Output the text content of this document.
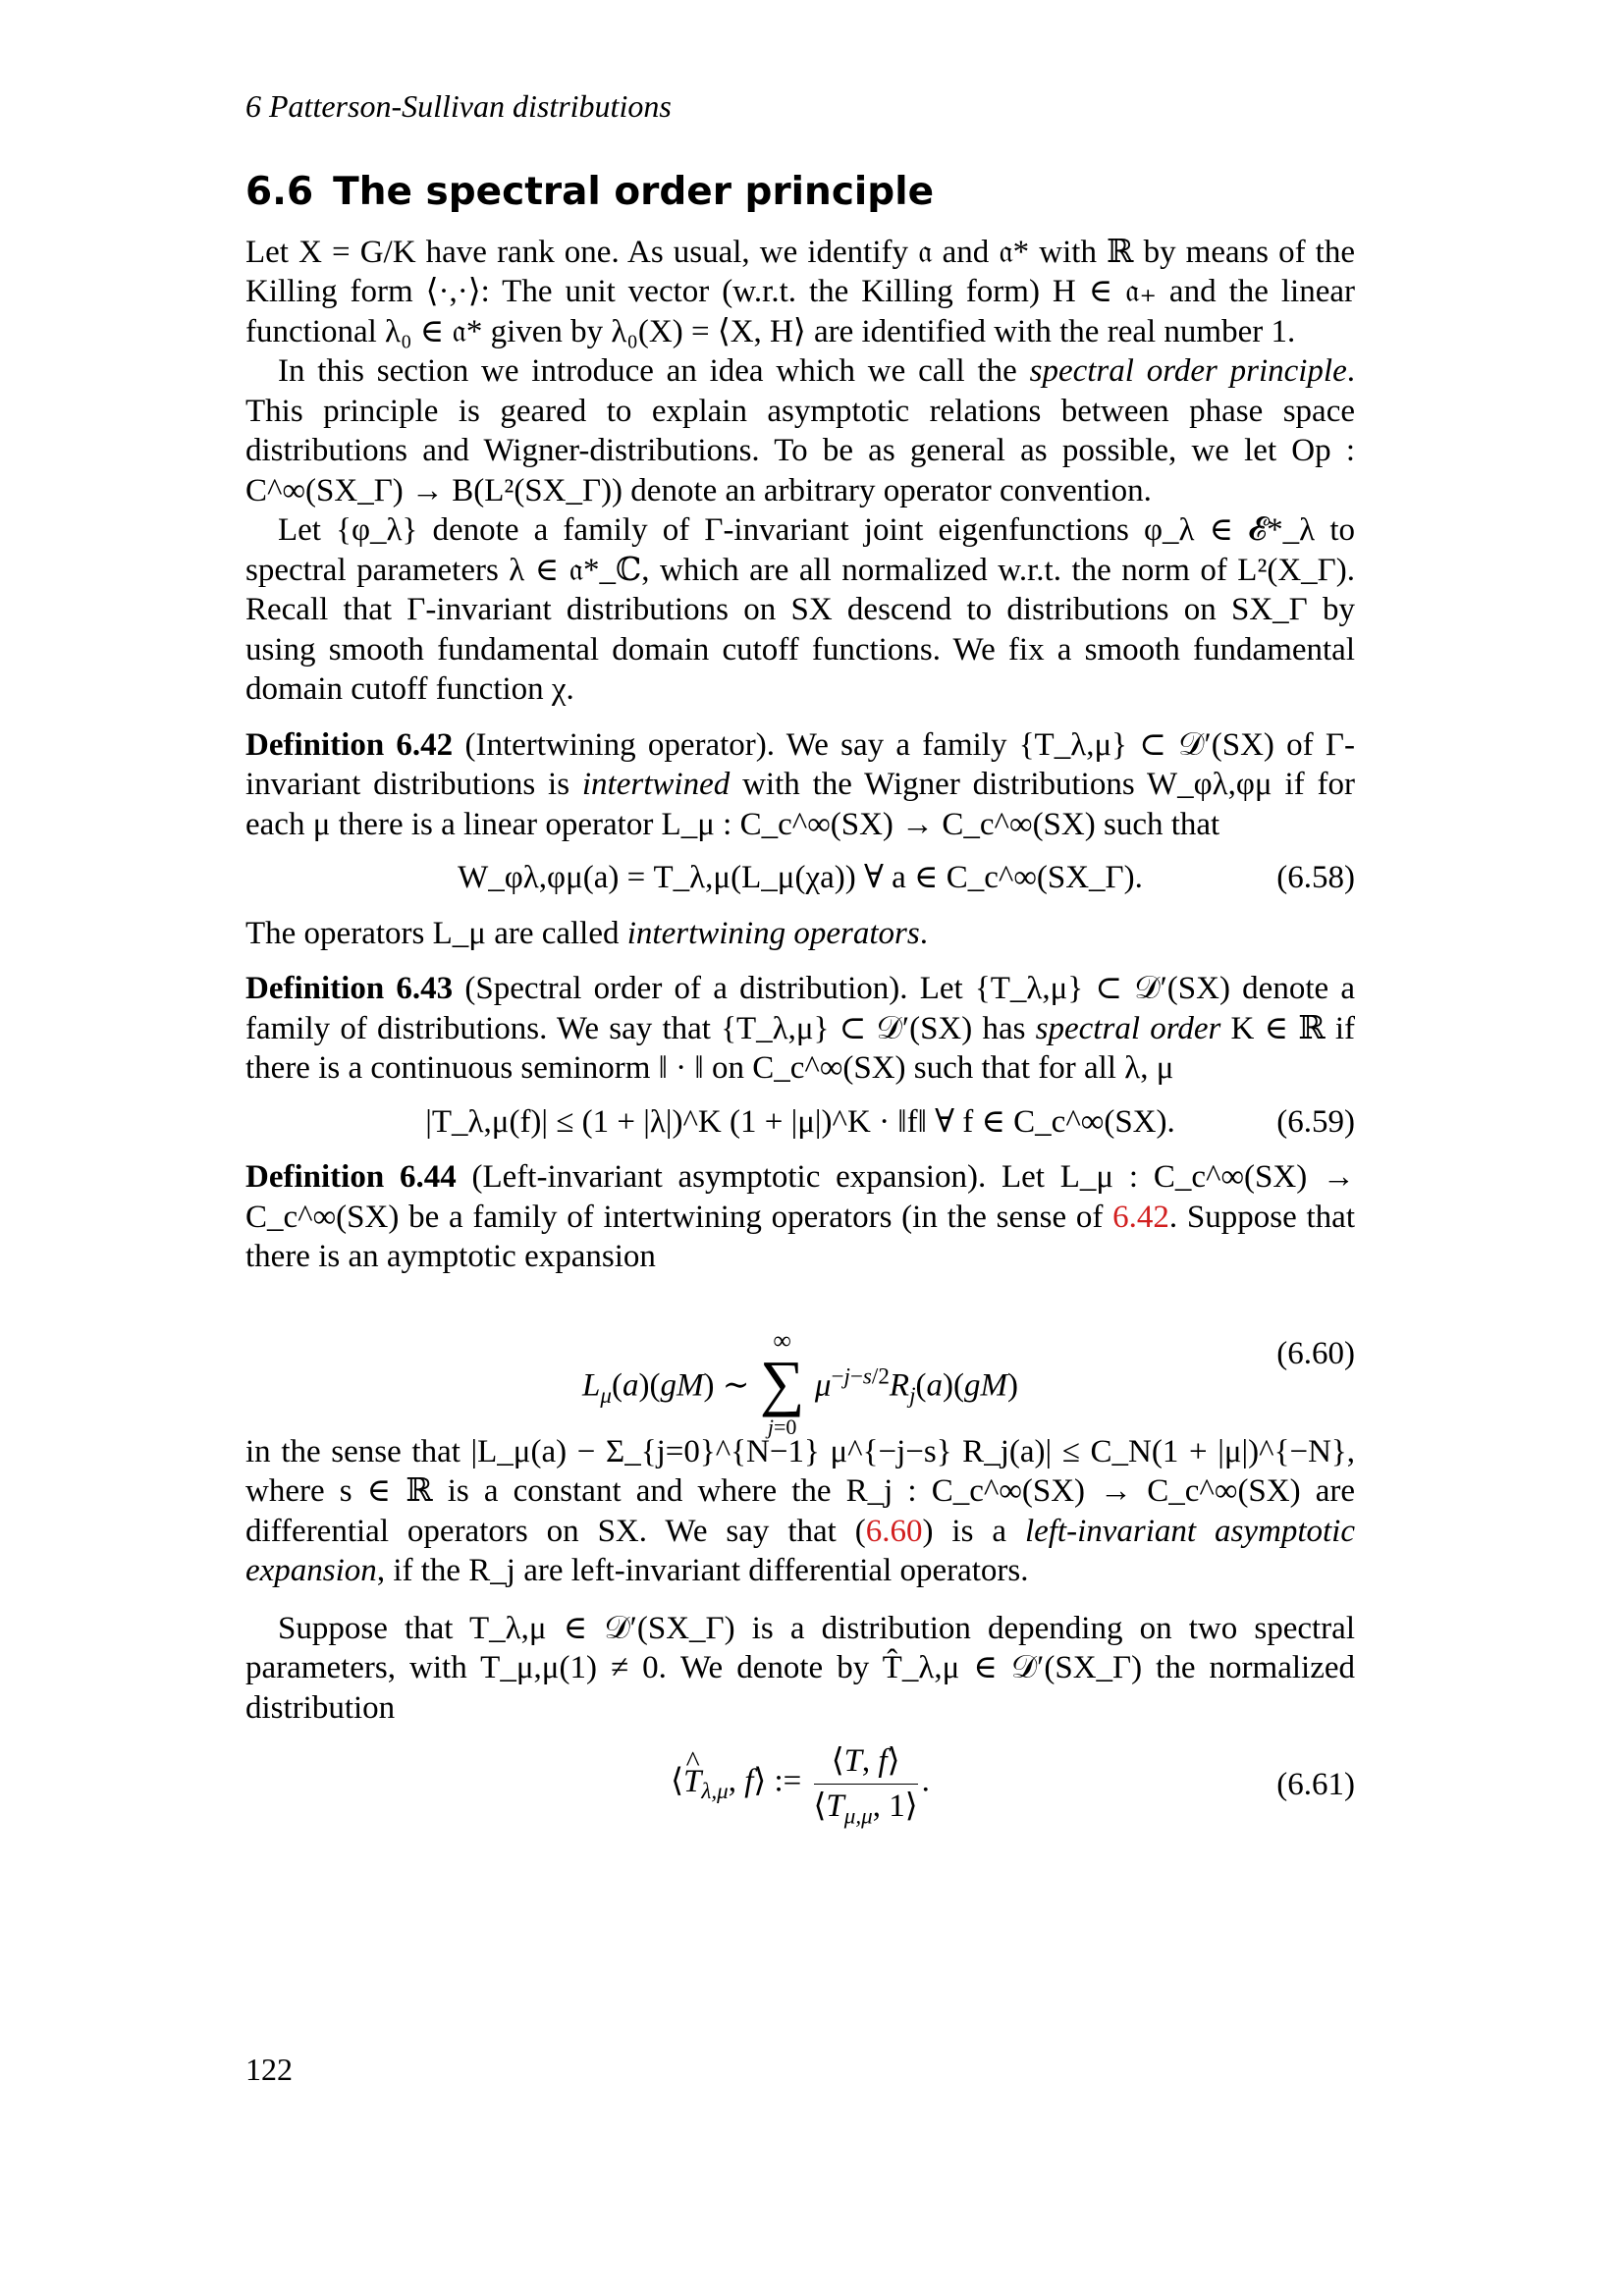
6 Patterson-Sullivan distributions
6.6 The spectral order principle

Let X = G/K have rank one. As usual, we identify 𝔞 and 𝔞* with ℝ by means of the Killing form ⟨·,·⟩: The unit vector (w.r.t. the Killing form) H ∈ 𝔞₊ and the linear functional λ₀ ∈ 𝔞* given by λ₀(X) = ⟨X, H⟩ are identified with the real number 1.

In this section we introduce an idea which we call the spectral order principle. This principle is geared to explain asymptotic relations between phase space distributions and Wigner-distributions. To be as general as possible, we let Op : C^∞(SX_Γ) → B(L²(SX_Γ)) denote an arbitrary operator convention.

Let {φ_λ} denote a family of Γ-invariant joint eigenfunctions φ_λ ∈ 𝓔*_λ to spectral parameters λ ∈ 𝔞*_ℂ, which are all normalized w.r.t. the norm of L²(X_Γ). Recall that Γ-invariant distributions on SX descend to distributions on SX_Γ by using smooth fundamental domain cutoff functions. We fix a smooth fundamental domain cutoff function χ.

Definition 6.42 (Intertwining operator). We say a family {T_λ,μ} ⊂ 𝒟′(SX) of Γ-invariant distributions is intertwined with the Wigner distributions W_φλ,φμ if for each μ there is a linear operator L_μ : C_c^∞(SX) → C_c^∞(SX) such that

W_φλ,φμ(a) = T_λ,μ(L_μ(χa)) ∀ a ∈ C_c^∞(SX_Γ).	(6.58)

The operators L_μ are called intertwining operators.

Definition 6.43 (Spectral order of a distribution). Let {T_λ,μ} ⊂ 𝒟′(SX) denote a family of distributions. We say that {T_λ,μ} ⊂ 𝒟′(SX) has spectral order K ∈ ℝ if there is a continuous seminorm ‖ · ‖ on C_c^∞(SX) such that for all λ, μ

|T_λ,μ(f)| ≤ (1 + |λ|)^K (1 + |μ|)^K · ‖f‖ ∀ f ∈ C_c^∞(SX).	(6.59)

Definition 6.44 (Left-invariant asymptotic expansion). Let L_μ : C_c^∞(SX) → C_c^∞(SX) be a family of intertwining operators (in the sense of 6.42. Suppose that there is an aymptotic expansion

$L_\mu(a)(gM)$ ∼
∞
∑
j=0
$\mu^{-j-s/2}R_j(a)(gM)$
(6.60)

in the sense that |L_μ(a) − Σ_{j=0}^{N−1} μ^{−j−s} R_j(a)| ≤ C_N(1 + |μ|)^{−N}, where s ∈ ℝ is a constant and where the R_j : C_c^∞(SX) → C_c^∞(SX) are differential operators on SX. We say that (6.60) is a left-invariant asymptotic expansion, if the R_j are left-invariant differential operators.

Suppose that T_λ,μ ∈ 𝒟′(SX_Γ) is a distribution depending on two spectral parameters, with T_μ,μ(1) ≠ 0. We denote by T̂_λ,μ ∈ 𝒟′(SX_Γ) the normalized distribution

⟨^ $T_{\lambda,\mu}$, f⟩ := $\frac{⟨T, f⟩}{⟨T_{\mu,\mu}, 1⟩}$ .	(6.61)
122
